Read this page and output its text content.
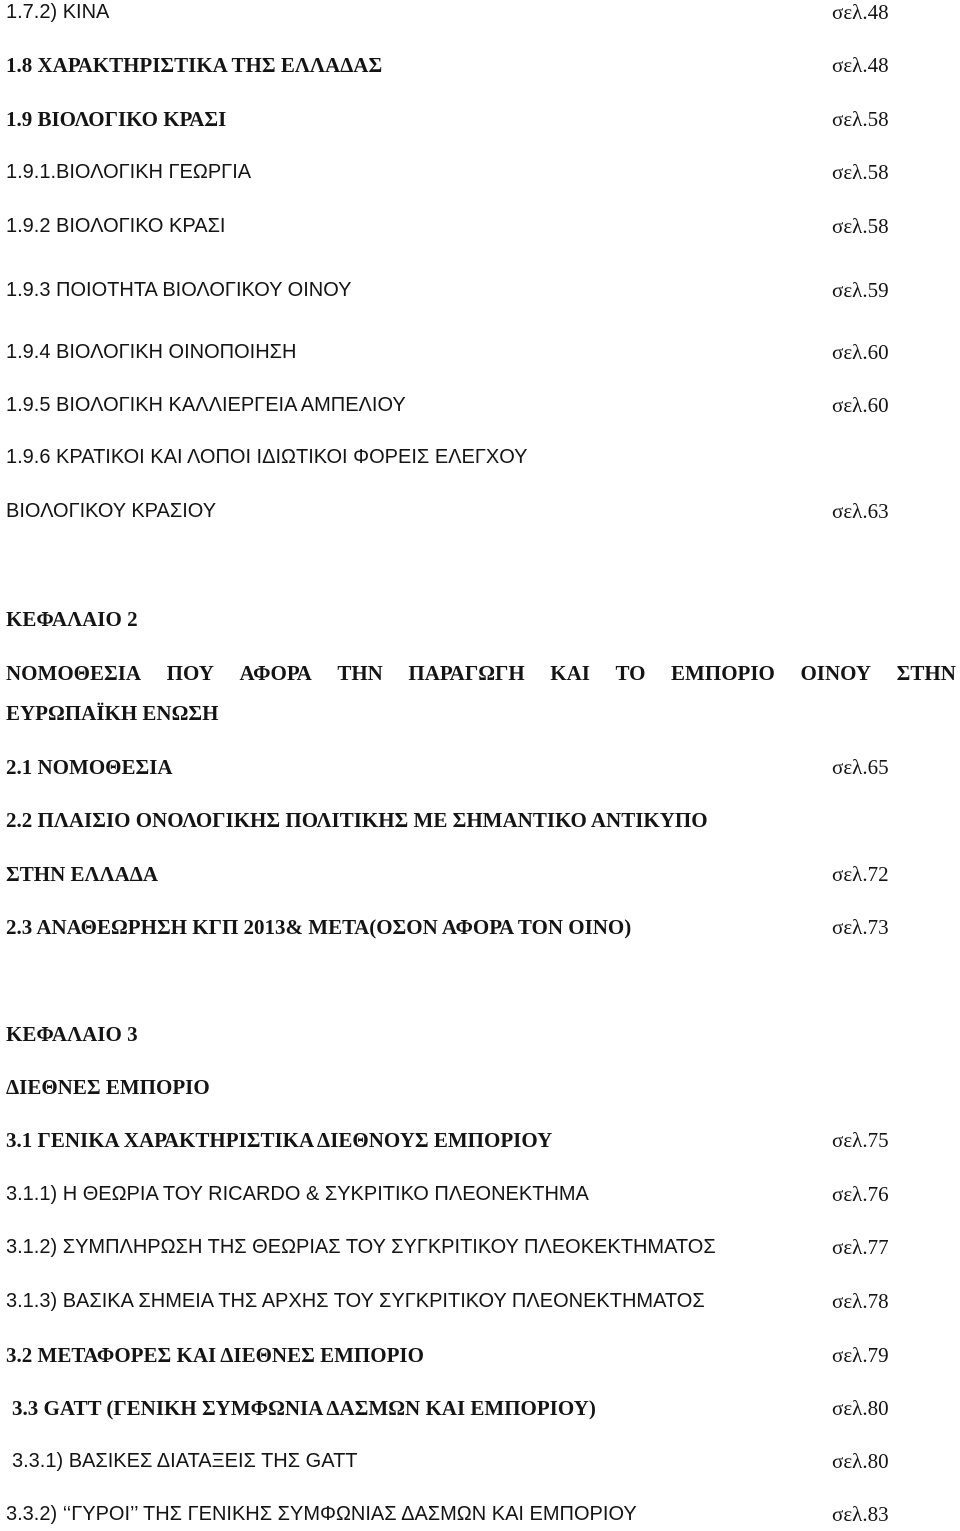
1.7.2) ΚΙΝΑ	σελ.48
1.8 ΧΑΡΑΚΤΗΡΙΣΤΙΚΑ ΤΗΣ ΕΛΛΑΔΑΣ	σελ.48
1.9 ΒΙΟΛΟΓΙΚΟ ΚΡΑΣΙ	σελ.58
1.9.1.ΒΙΟΛΟΓΙΚΗ ΓΕΩΡΓΙΑ	σελ.58
1.9.2 ΒΙΟΛΟΓΙΚΟ ΚΡΑΣΙ	σελ.58
1.9.3 ΠΟΙΟΤΗΤΑ ΒΙΟΛΟΓΙΚΟΥ ΟΙΝΟΥ	σελ.59
1.9.4 ΒΙΟΛΟΓΙΚΗ ΟΙΝΟΠΟΙΗΣΗ	σελ.60
1.9.5 ΒΙΟΛΟΓΙΚΗ ΚΑΛΛΙΕΡΓΕΙΑ ΑΜΠΕΛΙΟΥ	σελ.60
1.9.6 ΚΡΑΤΙΚΟΙ ΚΑΙ ΛΟΠΟΙ ΙΔΙΩΤΙΚΟΙ ΦΟΡΕΙΣ ΕΛΕΓΧΟΥ
ΒΙΟΛΟΓΙΚΟΥ ΚΡΑΣΙΟΥ	σελ.63
ΚΕΦΑΛΑΙΟ 2
ΝΟΜΟΘΕΣΙΑ ΠΟΥ ΑΦΟΡΑ ΤΗΝ ΠΑΡΑΓΩΓΗ ΚΑΙ ΤΟ ΕΜΠΟΡΙΟ ΟΙΝΟΥ ΣΤΗΝ
ΕΥΡΩΠΑΪΚΗ ΕΝΩΣΗ
2.1 ΝΟΜΟΘΕΣΙΑ	σελ.65
2.2 ΠΛΑΙΣΙΟ ΟΝΟΛΟΓΙΚΗΣ ΠΟΛΙΤΙΚΗΣ ΜΕ ΣΗΜΑΝΤΙΚΟ ΑΝΤΙΚΥΠΟ
ΣΤΗΝ ΕΛΛΑΔΑ	σελ.72
2.3 ΑΝΑΘΕΩΡΗΣΗ ΚΓΠ 2013& ΜΕΤΑ(ΟΣΟΝ ΑΦΟΡΑ ΤΟΝ ΟΙΝΟ)	σελ.73
ΚΕΦΑΛΑΙΟ 3
ΔΙΕΘΝΕΣ ΕΜΠΟΡΙΟ
3.1 ΓΕΝΙΚΑ ΧΑΡΑΚΤΗΡΙΣΤΙΚΑ ΔΙΕΘΝΟΥΣ ΕΜΠΟΡΙΟΥ	σελ.75
3.1.1) Η ΘΕΩΡΙΑ ΤΟΥ RICARDO & ΣΥΚΡΙΤΙΚΟ ΠΛΕΟΝΕΚΤΗΜΑ	σελ.76
3.1.2) ΣΥΜΠΛΗΡΩΣΗ ΤΗΣ ΘΕΩΡΙΑΣ ΤΟΥ ΣΥΓΚΡΙΤΙΚΟΥ ΠΛΕΟΚΕΚΤΗΜΑΤΟΣ	σελ.77
3.1.3) ΒΑΣΙΚΑ ΣΗΜΕΙΑ ΤΗΣ ΑΡΧΗΣ ΤΟΥ ΣΥΓΚΡΙΤΙΚΟΥ ΠΛΕΟΝΕΚΤΗΜΑΤΟΣ	σελ.78
3.2 ΜΕΤΑΦΟΡΕΣ ΚΑΙ ΔΙΕΘΝΕΣ ΕΜΠΟΡΙΟ	σελ.79
3.3 GATT (ΓΕΝΙΚΗ ΣΥΜΦΩΝΙΑ ΔΑΣΜΩΝ ΚΑΙ ΕΜΠΟΡΙΟΥ)	σελ.80
3.3.1) ΒΑΣΙΚΕΣ ΔΙΑΤΑΞΕΙΣ ΤΗΣ GATT	σελ.80
3.3.2) ‘‘ΓΥΡΟΙ’’ ΤΗΣ ΓΕΝΙΚΗΣ ΣΥΜΦΩΝΙΑΣ ΔΑΣΜΩΝ ΚΑΙ ΕΜΠΟΡΙΟΥ	σελ.83
